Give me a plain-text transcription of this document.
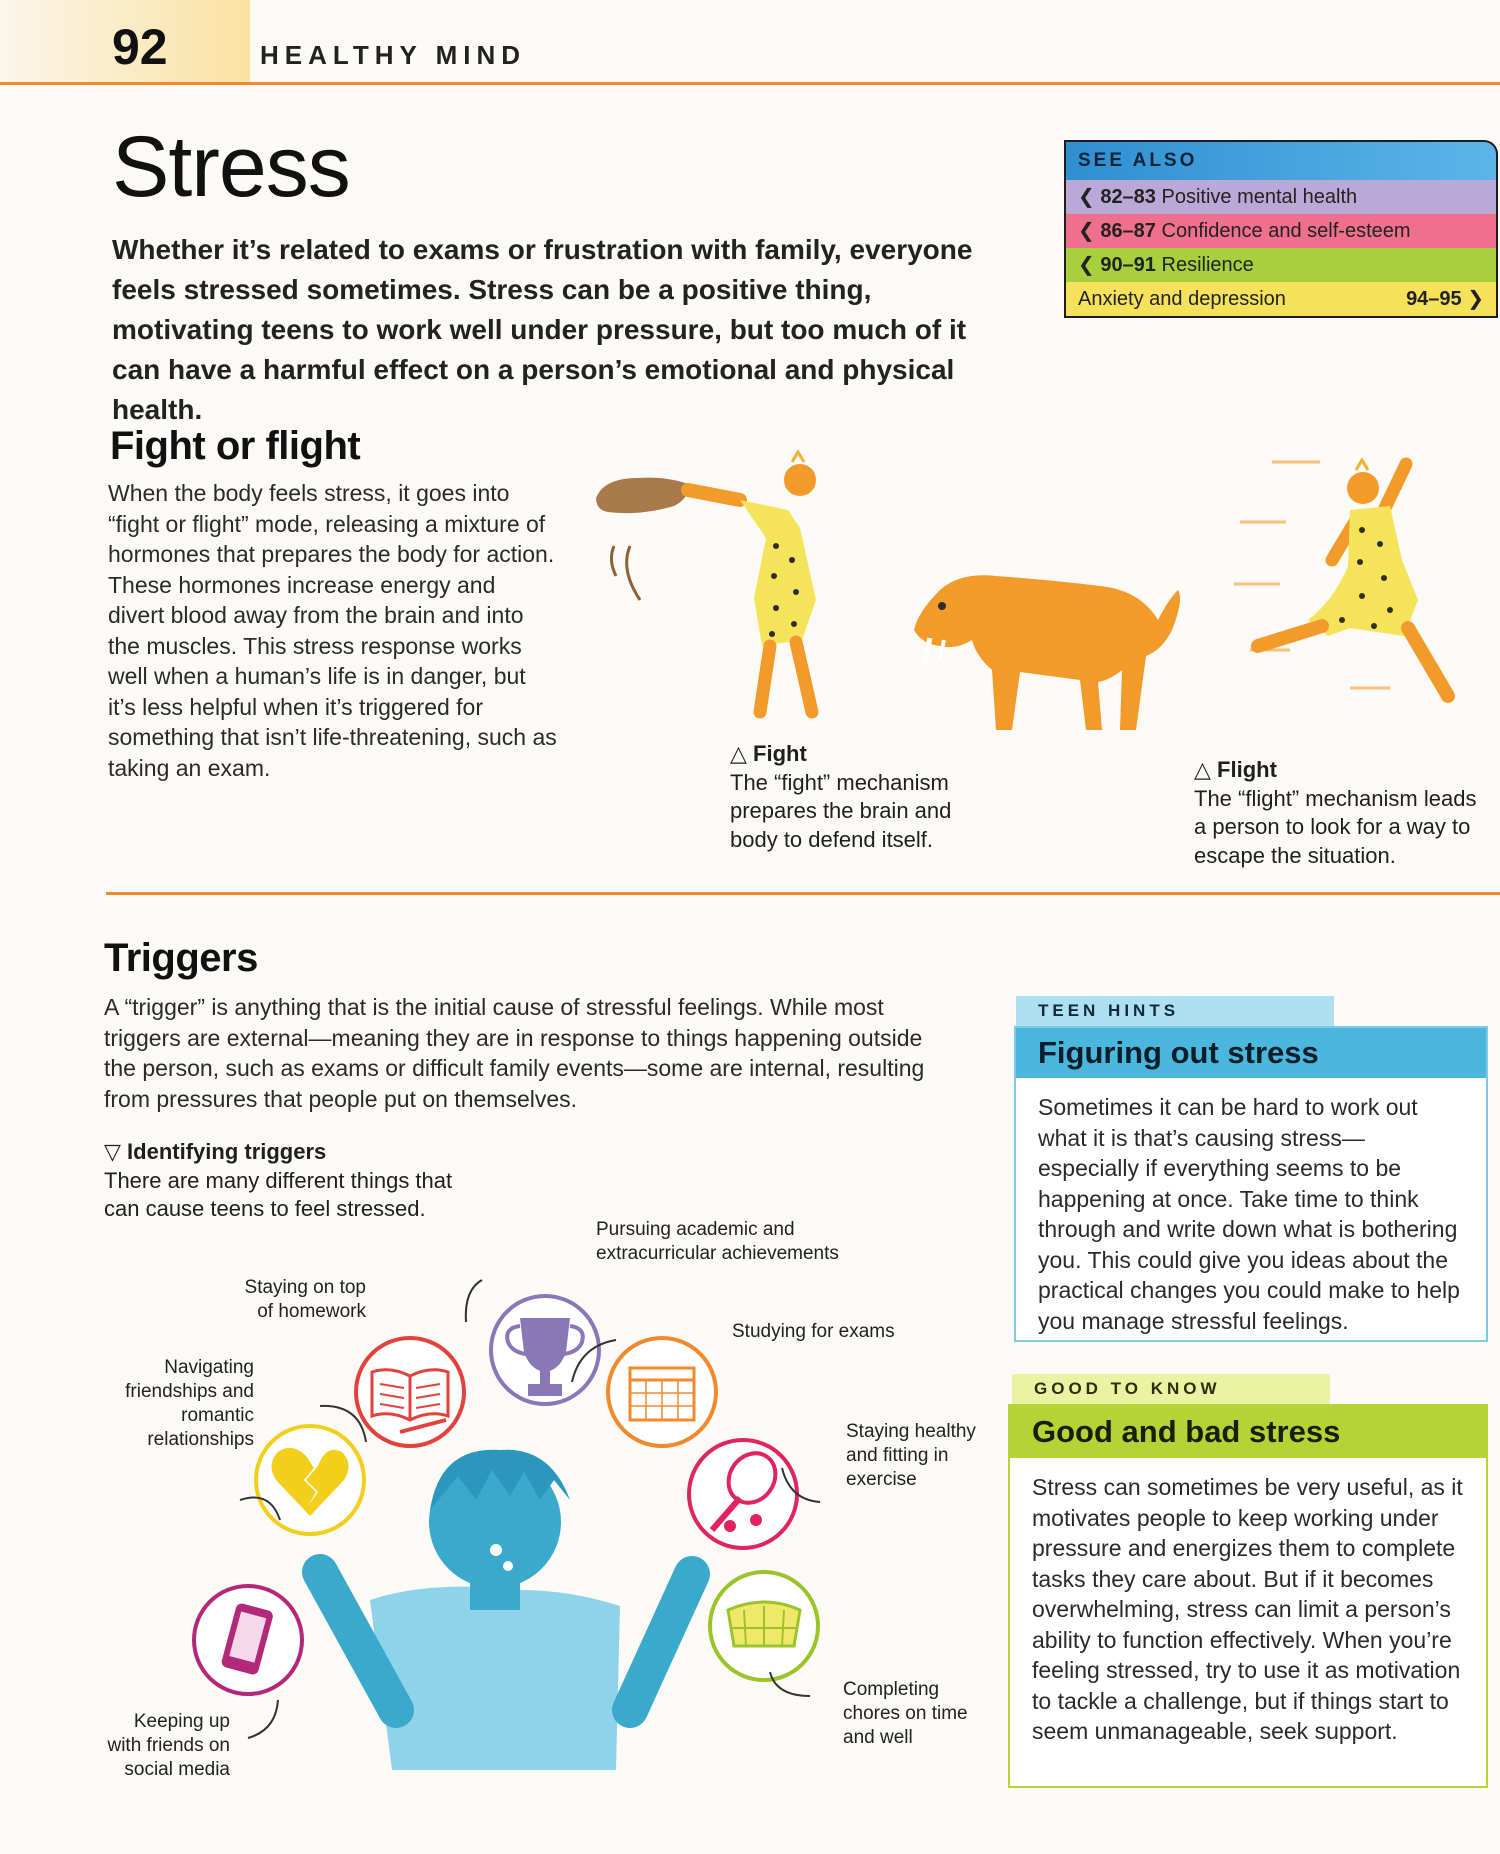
92	HEALTHY MIND
Stress
Whether it’s related to exams or frustration with family, everyone feels stressed sometimes. Stress can be a positive thing, motivating teens to work well under pressure, but too much of it can have a harmful effect on a person’s emotional and physical health.
SEE ALSO
❮ 82–83 Positive mental health
❮ 86–87 Confidence and self-esteem
❮ 90–91 Resilience
Anxiety and depression	94–95 ❯
Fight or flight
When the body feels stress, it goes into “fight or flight” mode, releasing a mixture of hormones that prepares the body for action. These hormones increase energy and divert blood away from the brain and into the muscles. This stress response works well when a human’s life is in danger, but it’s less helpful when it’s triggered for something that isn’t life-threatening, such as taking an exam.
△ Fight
The “fight” mechanism prepares the brain and body to defend itself.
△ Flight
The “flight” mechanism leads a person to look for a way to escape the situation.
Triggers
A “trigger” is anything that is the initial cause of stressful feelings. While most triggers are external—meaning they are in response to things happening outside the person, such as exams or difficult family events—some are internal, resulting from pressures that people put on themselves.
▽ Identifying triggers
There are many different things that can cause teens to feel stressed.
Pursuing academic and extracurricular achievements
Staying on top of homework
Studying for exams
Navigating friendships and romantic relationships	Staying healthy and fitting in exercise
Keeping up with friends on social media
Completing chores on time and well
TEEN HINTS
Figuring out stress
Sometimes it can be hard to work out what it is that’s causing stress—especially if everything seems to be happening at once. Take time to think through and write down what is bothering you. This could give you ideas about the practical changes you could make to help you manage stressful feelings.
GOOD TO KNOW
Good and bad stress
Stress can sometimes be very useful, as it motivates people to keep working under pressure and energizes them to complete tasks they care about. But if it becomes overwhelming, stress can limit a person’s ability to function effectively. When you’re feeling stressed, try to use it as motivation to tackle a challenge, but if things start to seem unmanageable, seek support.
